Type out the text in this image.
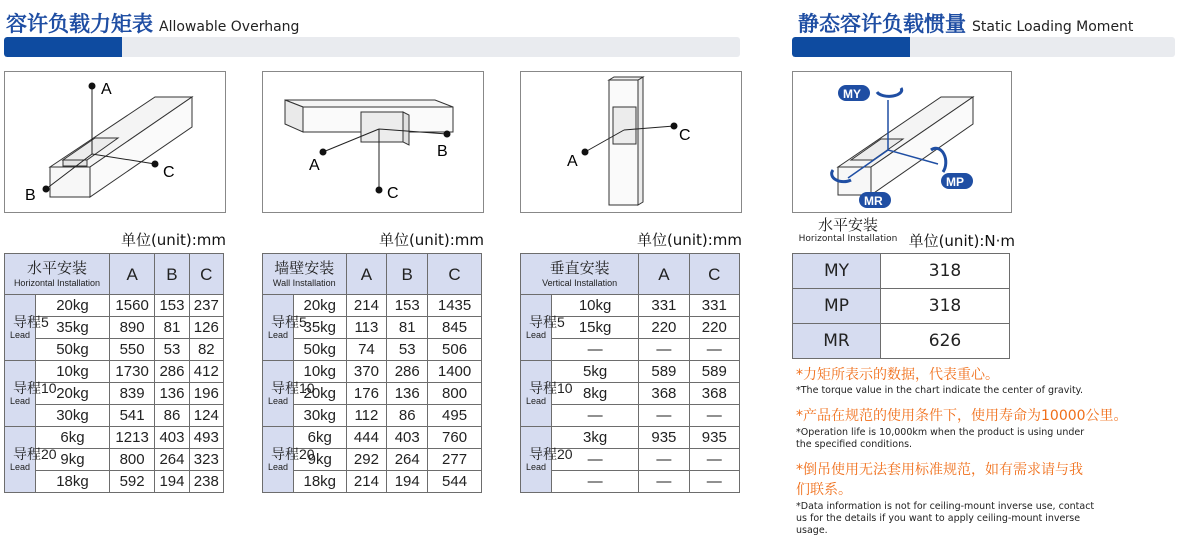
容许负载力矩表 Allowable Overhang	静态容许负载惯量 Static Loading Moment
A
C
B
B
A
C
C
A
MY
MP
MR
单位(unit):mm	单位(unit):mm	单位(unit):mm
水平安装
Horizontal Installation		A	B	C

导程5
Lead	20kg	1560	153	237
	35kg	890	81	126
	50kg	550	53	82

导程10
Lead	10kg	1730	286	412
	20kg	839	136	196
	30kg	541	86	124

导程20
Lead	6kg	1213	403	493
	9kg	800	264	323
	18kg	592	194	238
墙壁安装
Wall Installation		A	B	C

导程5
Lead	20kg	214	153	1435
	35kg	113	81	845
	50kg	74	53	506

导程10
Lead	10kg	370	286	1400
	20kg	176	136	800
	30kg	112	86	495

导程20
Lead	6kg	444	403	760
	9kg	292	264	277
	18kg	214	194	544
垂直安装
Vertical Installation		A	C

导程5
Lead	10kg	331	331
	15kg	220	220
	—	—	—

导程10
Lead	5kg	589	589
	8kg	368	368
	—	—	—

导程20
Lead	3kg	935	935
	—	—	—
	—	—	—
水平安装
Horizontal Installation 单位(unit):N·m
MY	318
MP	318
MR	626
*力矩所表示的数据，代表重心。
*The torque value in the chart indicate the center of gravity.
*产品在规范的使用条件下，使用寿命为10000公里。
*Operation life is 10,000km when the product is using under the specified conditions.
*倒吊使用无法套用标准规范，如有需求请与我们联系。
*Data information is not for ceiling-mount inverse use, contact us for the details if you want to apply ceiling-mount inverse usage.
